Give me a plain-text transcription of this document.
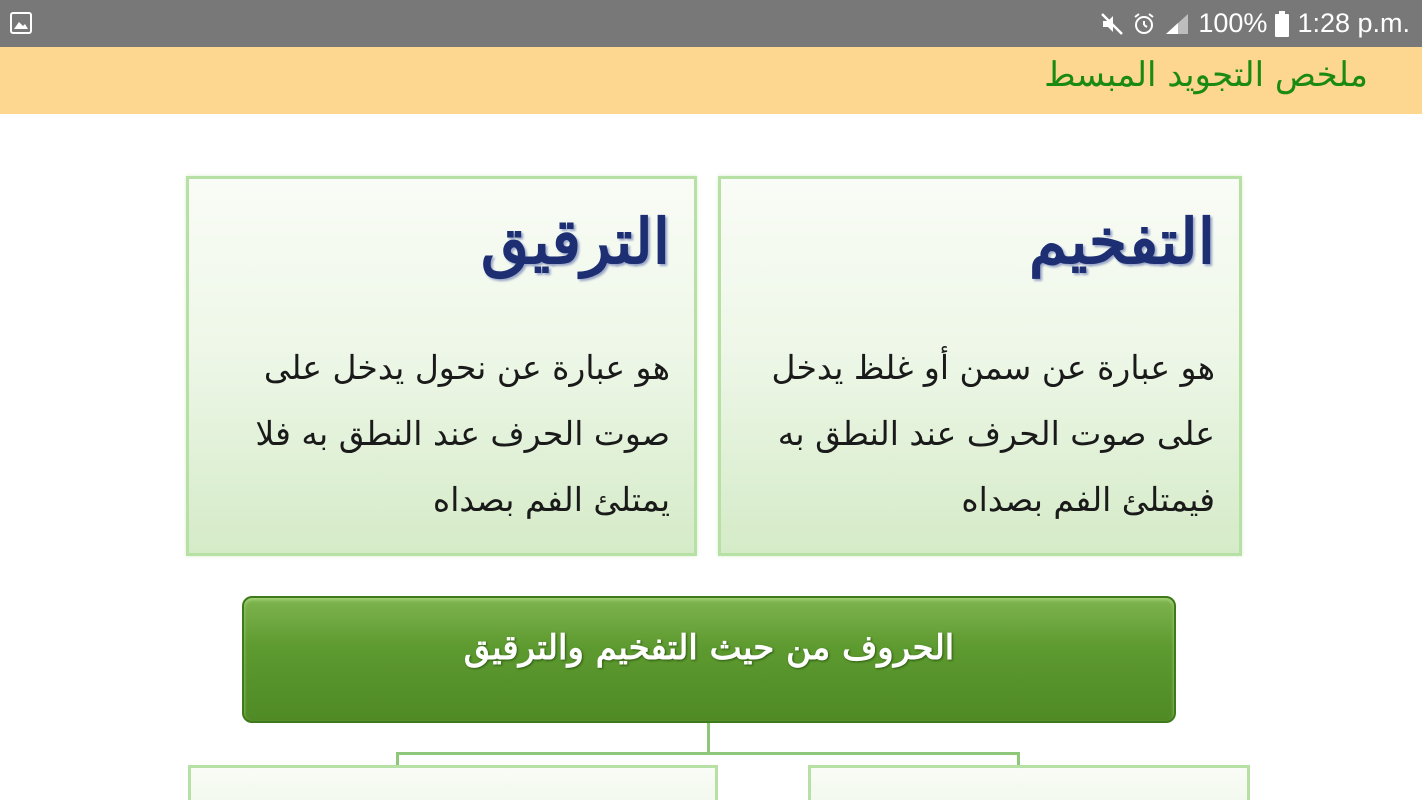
100% 1:28 p.m.
ملخص التجويد المبسط
التفخيم
هو عبارة عن سمن أو غلظ يدخل على صوت الحرف عند النطق به فيمتلئ الفم بصداه
الترقيق
هو عبارة عن نحول يدخل على صوت الحرف عند النطق به فلا يمتلئ الفم بصداه
الحروف من حيث التفخيم والترقيق
